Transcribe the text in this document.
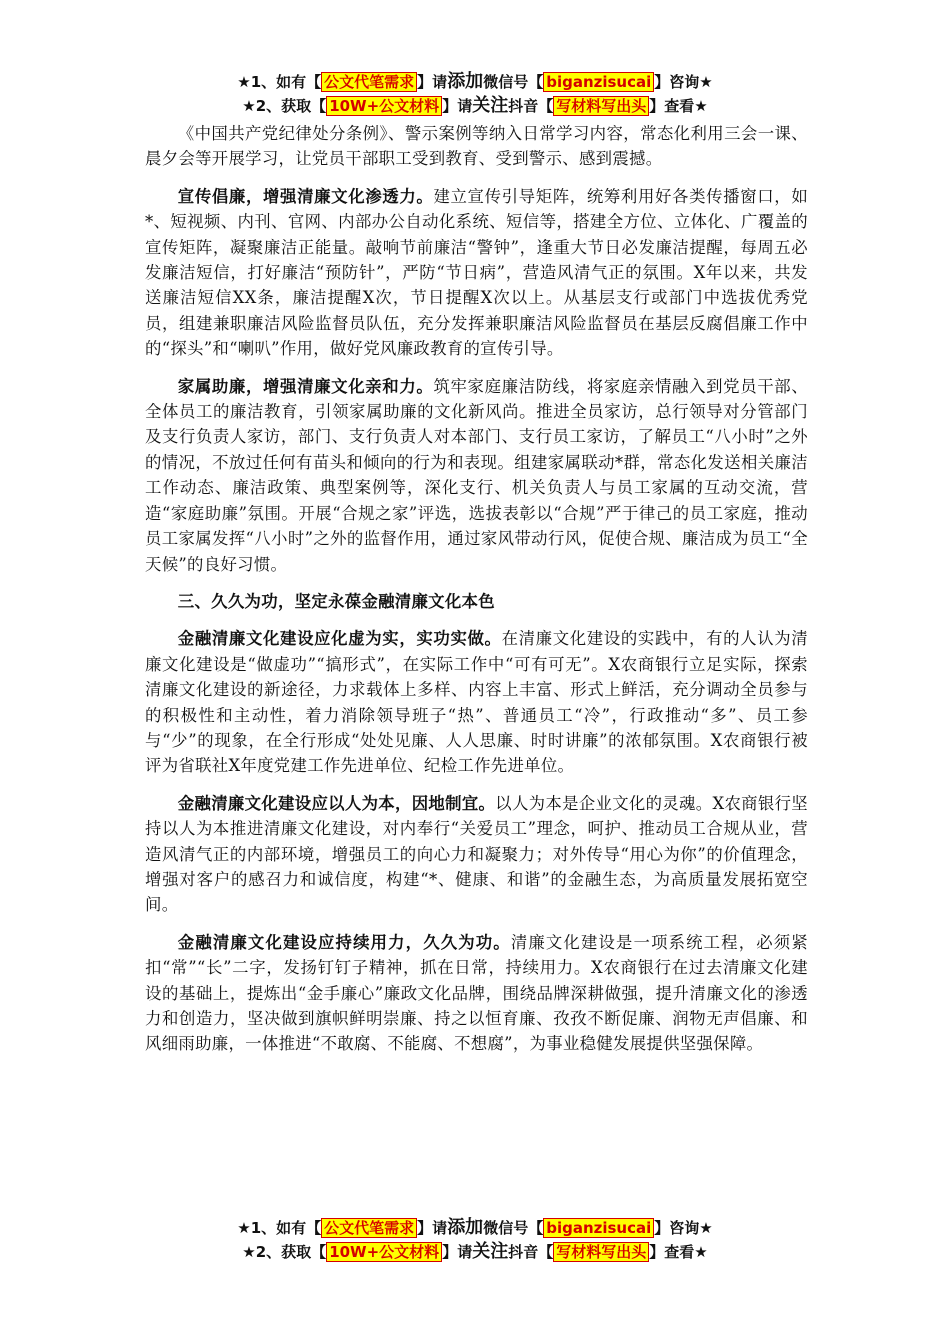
★1、如有【 公文代笔需求 】请添加微信号【 biganzisucai 】咨询★
★2、获取【 10W+公文材料 】请关注抖音【 写材料写出头 】查看★

《中国共产党纪律处分条例》、警示案例等纳入日常学习内容，常态化利用三会一课、晨夕会等开展学习，让党员干部职工受到教育、受到警示、感到震撼。

宣传倡廉，增强清廉文化渗透力。建立宣传引导矩阵，统筹利用好各类传播窗口，如*、短视频、内刊、官网、内部办公自动化系统、短信等，搭建全方位、立体化、广覆盖的宣传矩阵，凝聚廉洁正能量。敲响节前廉洁“警钟”，逢重大节日必发廉洁提醒，每周五必发廉洁短信，打好廉洁“预防针”，严防“节日病”，营造风清气正的氛围。X年以来，共发送廉洁短信XX条，廉洁提醒X次，节日提醒X次以上。从基层支行或部门中选拔优秀党员，组建兼职廉洁风险监督员队伍，充分发挥兼职廉洁风险监督员在基层反腐倡廉工作中的“探头”和“喇叭”作用，做好党风廉政教育的宣传引导。

家属助廉，增强清廉文化亲和力。筑牢家庭廉洁防线，将家庭亲情融入到党员干部、全体员工的廉洁教育，引领家属助廉的文化新风尚。推进全员家访，总行领导对分管部门及支行负责人家访，部门、支行负责人对本部门、支行员工家访，了解员工“八小时”之外的情况，不放过任何有苗头和倾向的行为和表现。组建家属联动*群，常态化发送相关廉洁工作动态、廉洁政策、典型案例等，深化支行、机关负责人与员工家属的互动交流，营造“家庭助廉”氛围。开展“合规之家”评选，选拔表彰以“合规”严于律己的员工家庭，推动员工家属发挥“八小时”之外的监督作用，通过家风带动行风，促使合规、廉洁成为员工“全天候”的良好习惯。

三、久久为功，坚定永葆金融清廉文化本色

金融清廉文化建设应化虚为实，实功实做。在清廉文化建设的实践中，有的人认为清廉文化建设是“做虚功”“搞形式”，在实际工作中“可有可无”。X农商银行立足实际，探索清廉文化建设的新途径，力求载体上多样、内容上丰富、形式上鲜活，充分调动全员参与的积极性和主动性，着力消除领导班子“热”、普通员工“冷”，行政推动“多”、员工参与“少”的现象，在全行形成“处处见廉、人人思廉、时时讲廉”的浓郁氛围。X农商银行被评为省联社X年度党建工作先进单位、纪检工作先进单位。

金融清廉文化建设应以人为本，因地制宜。以人为本是企业文化的灵魂。X农商银行坚持以人为本推进清廉文化建设，对内奉行“关爱员工”理念，呵护、推动员工合规从业，营造风清气正的内部环境，增强员工的向心力和凝聚力；对外传导“用心为你”的价值理念，增强对客户的感召力和诚信度，构建“*、健康、和谐”的金融生态，为高质量发展拓宽空间。

金融清廉文化建设应持续用力，久久为功。清廉文化建设是一项系统工程，必须紧扣“常”“长”二字，发扬钉钉子精神，抓在日常，持续用力。X农商银行在过去清廉文化建设的基础上，提炼出“金手廉心”廉政文化品牌，围绕品牌深耕做强，提升清廉文化的渗透力和创造力，坚决做到旗帜鲜明崇廉、持之以恒育廉、孜孜不断促廉、润物无声倡廉、和风细雨助廉，一体推进“不敢腐、不能腐、不想腐”，为事业稳健发展提供坚强保障。

★1、如有【 公文代笔需求 】请添加微信号【 biganzisucai 】咨询★
★2、获取【 10W+公文材料 】请关注抖音【 写材料写出头 】查看★
